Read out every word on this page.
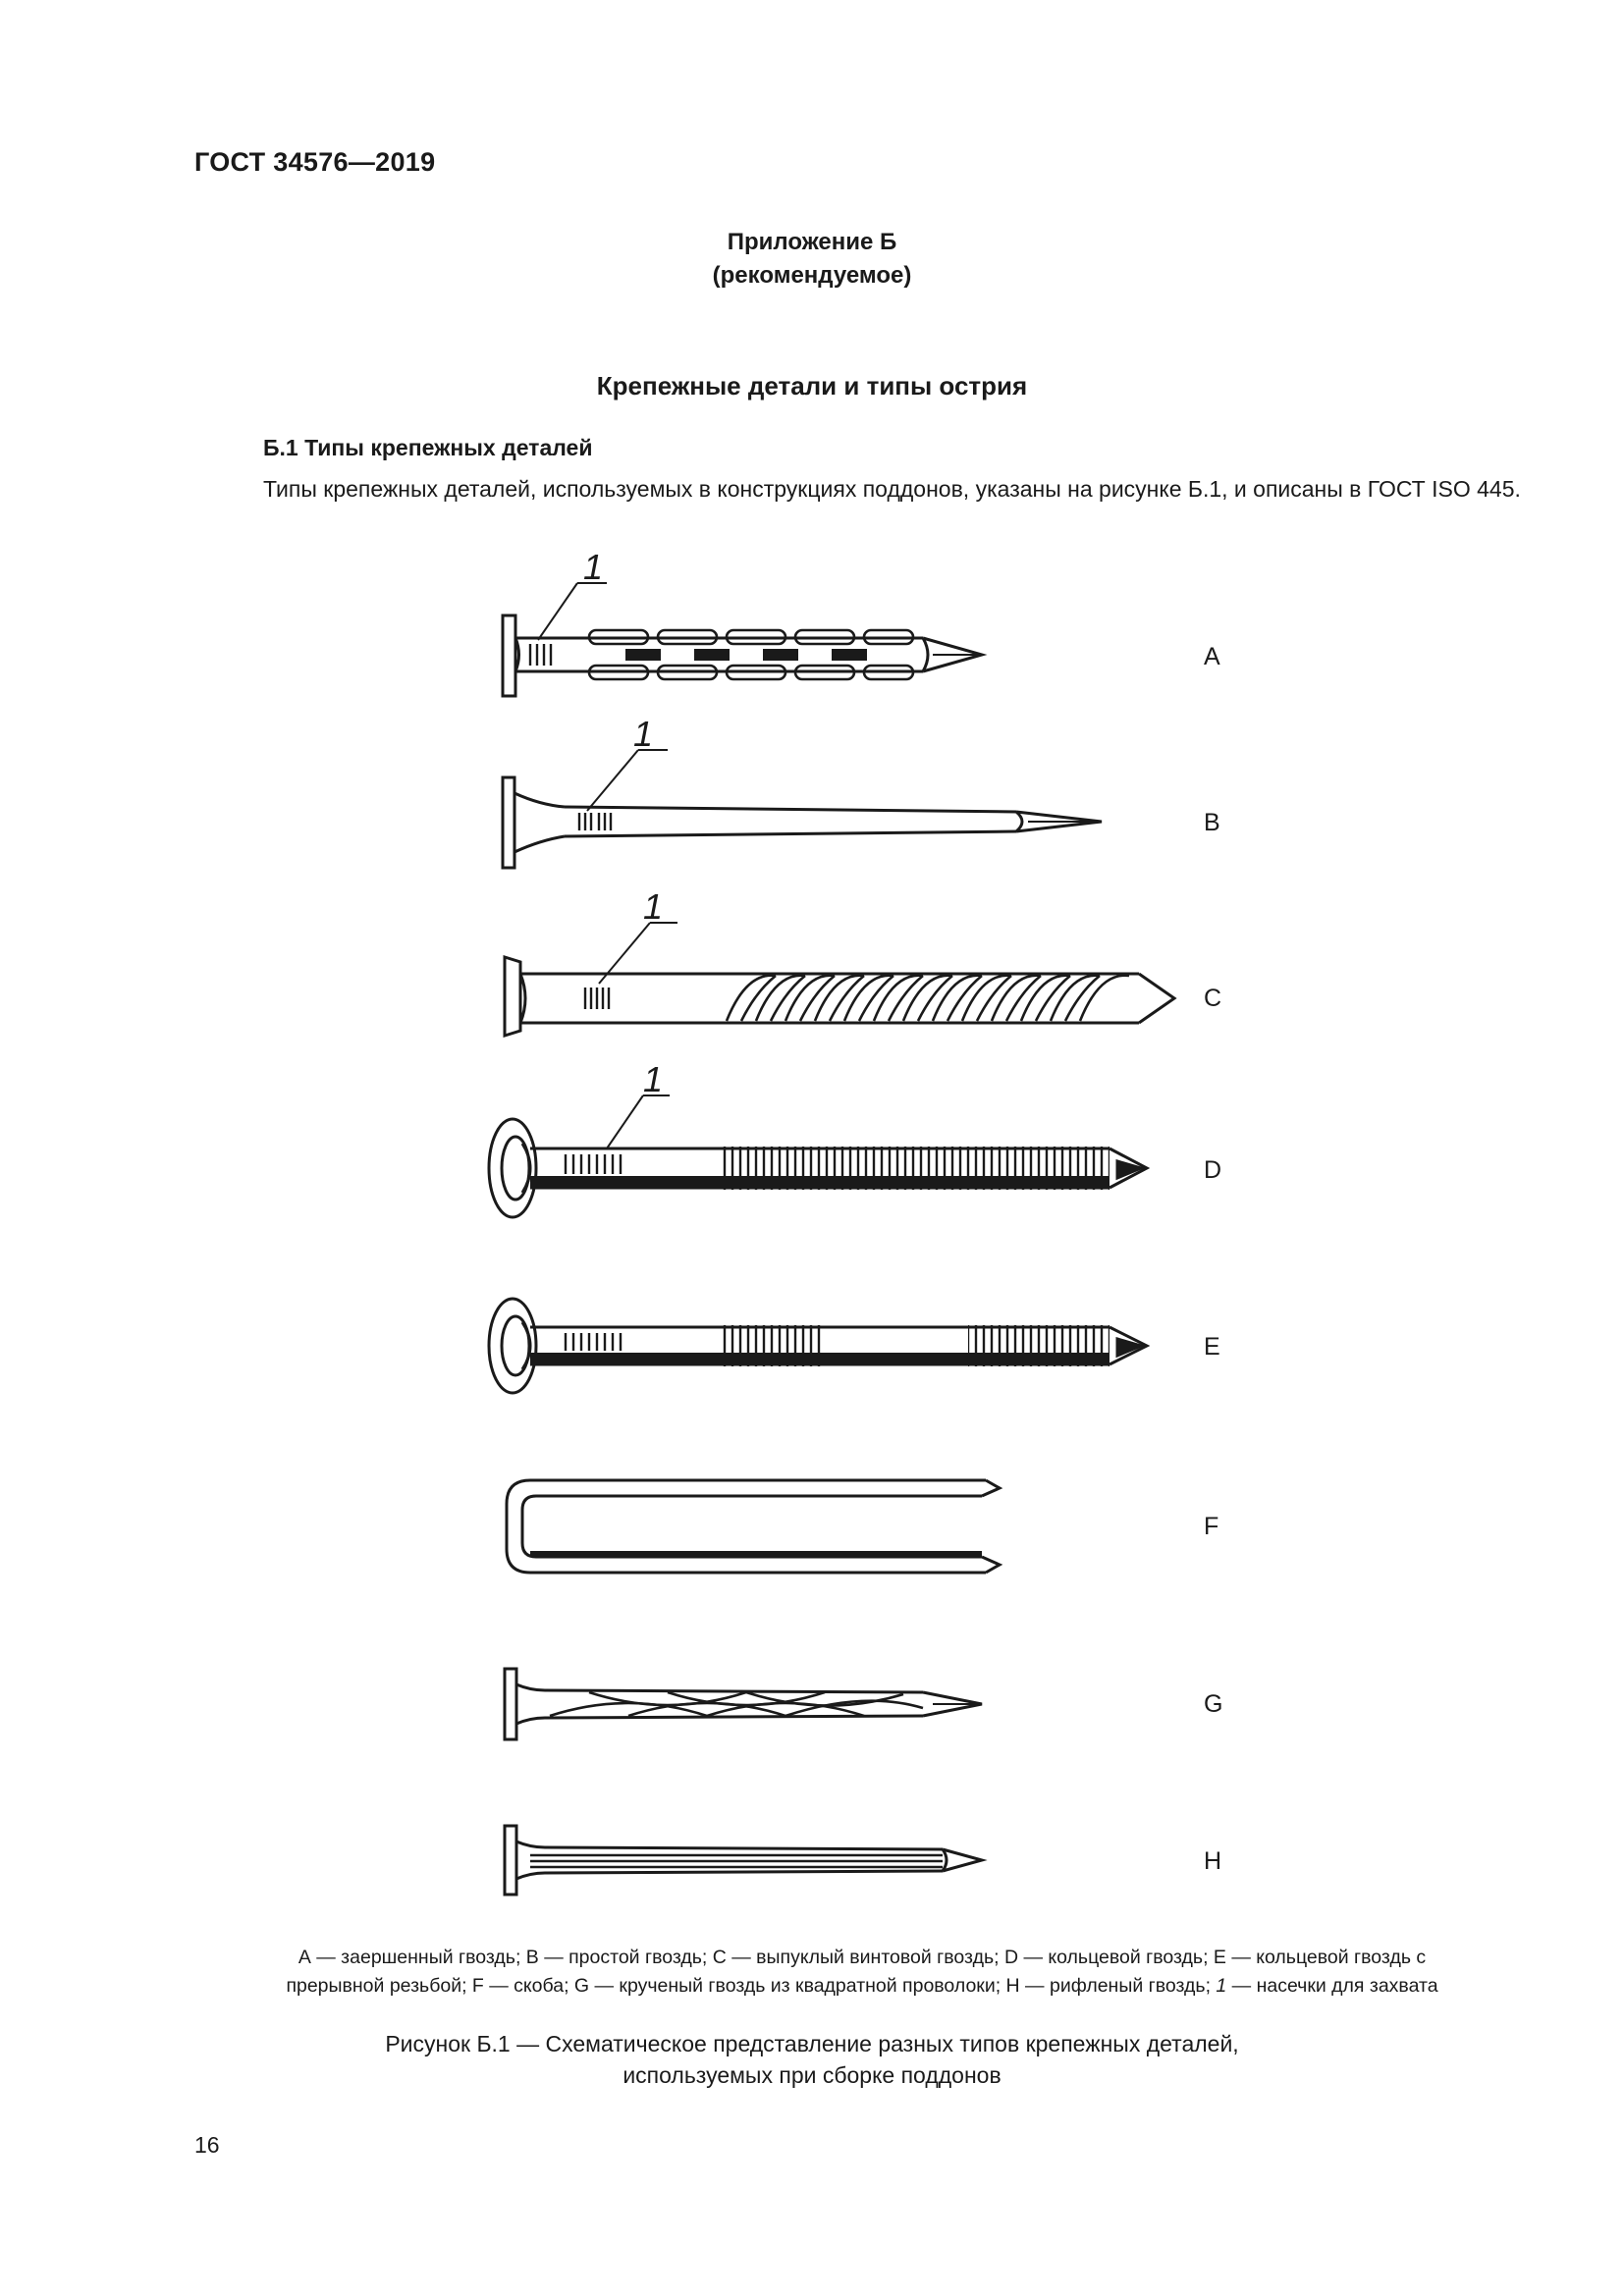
ГОСТ 34576—2019
Приложение Б
(рекомендуемое)
Крепежные детали и типы острия
Б.1 Типы крепежных деталей
Типы крепежных деталей, используемых в конструкциях поддонов, указаны на рисунке Б.1, и описаны в ГОСТ ISO 445.
1
1
1
1
A
B
C
D
E
F
G
H
А — заершенный гвоздь; В — простой гвоздь; С — выпуклый винтовой гвоздь; D — кольцевой гвоздь; Е — кольцевой гвоздь с
прерывной резьбой; F — скоба; G — крученый гвоздь из квадратной проволоки; Н — рифленый гвоздь; 1 — насечки для захвата
Рисунок Б.1 — Схематическое представление разных типов крепежных деталей,
используемых при сборке поддонов
16
